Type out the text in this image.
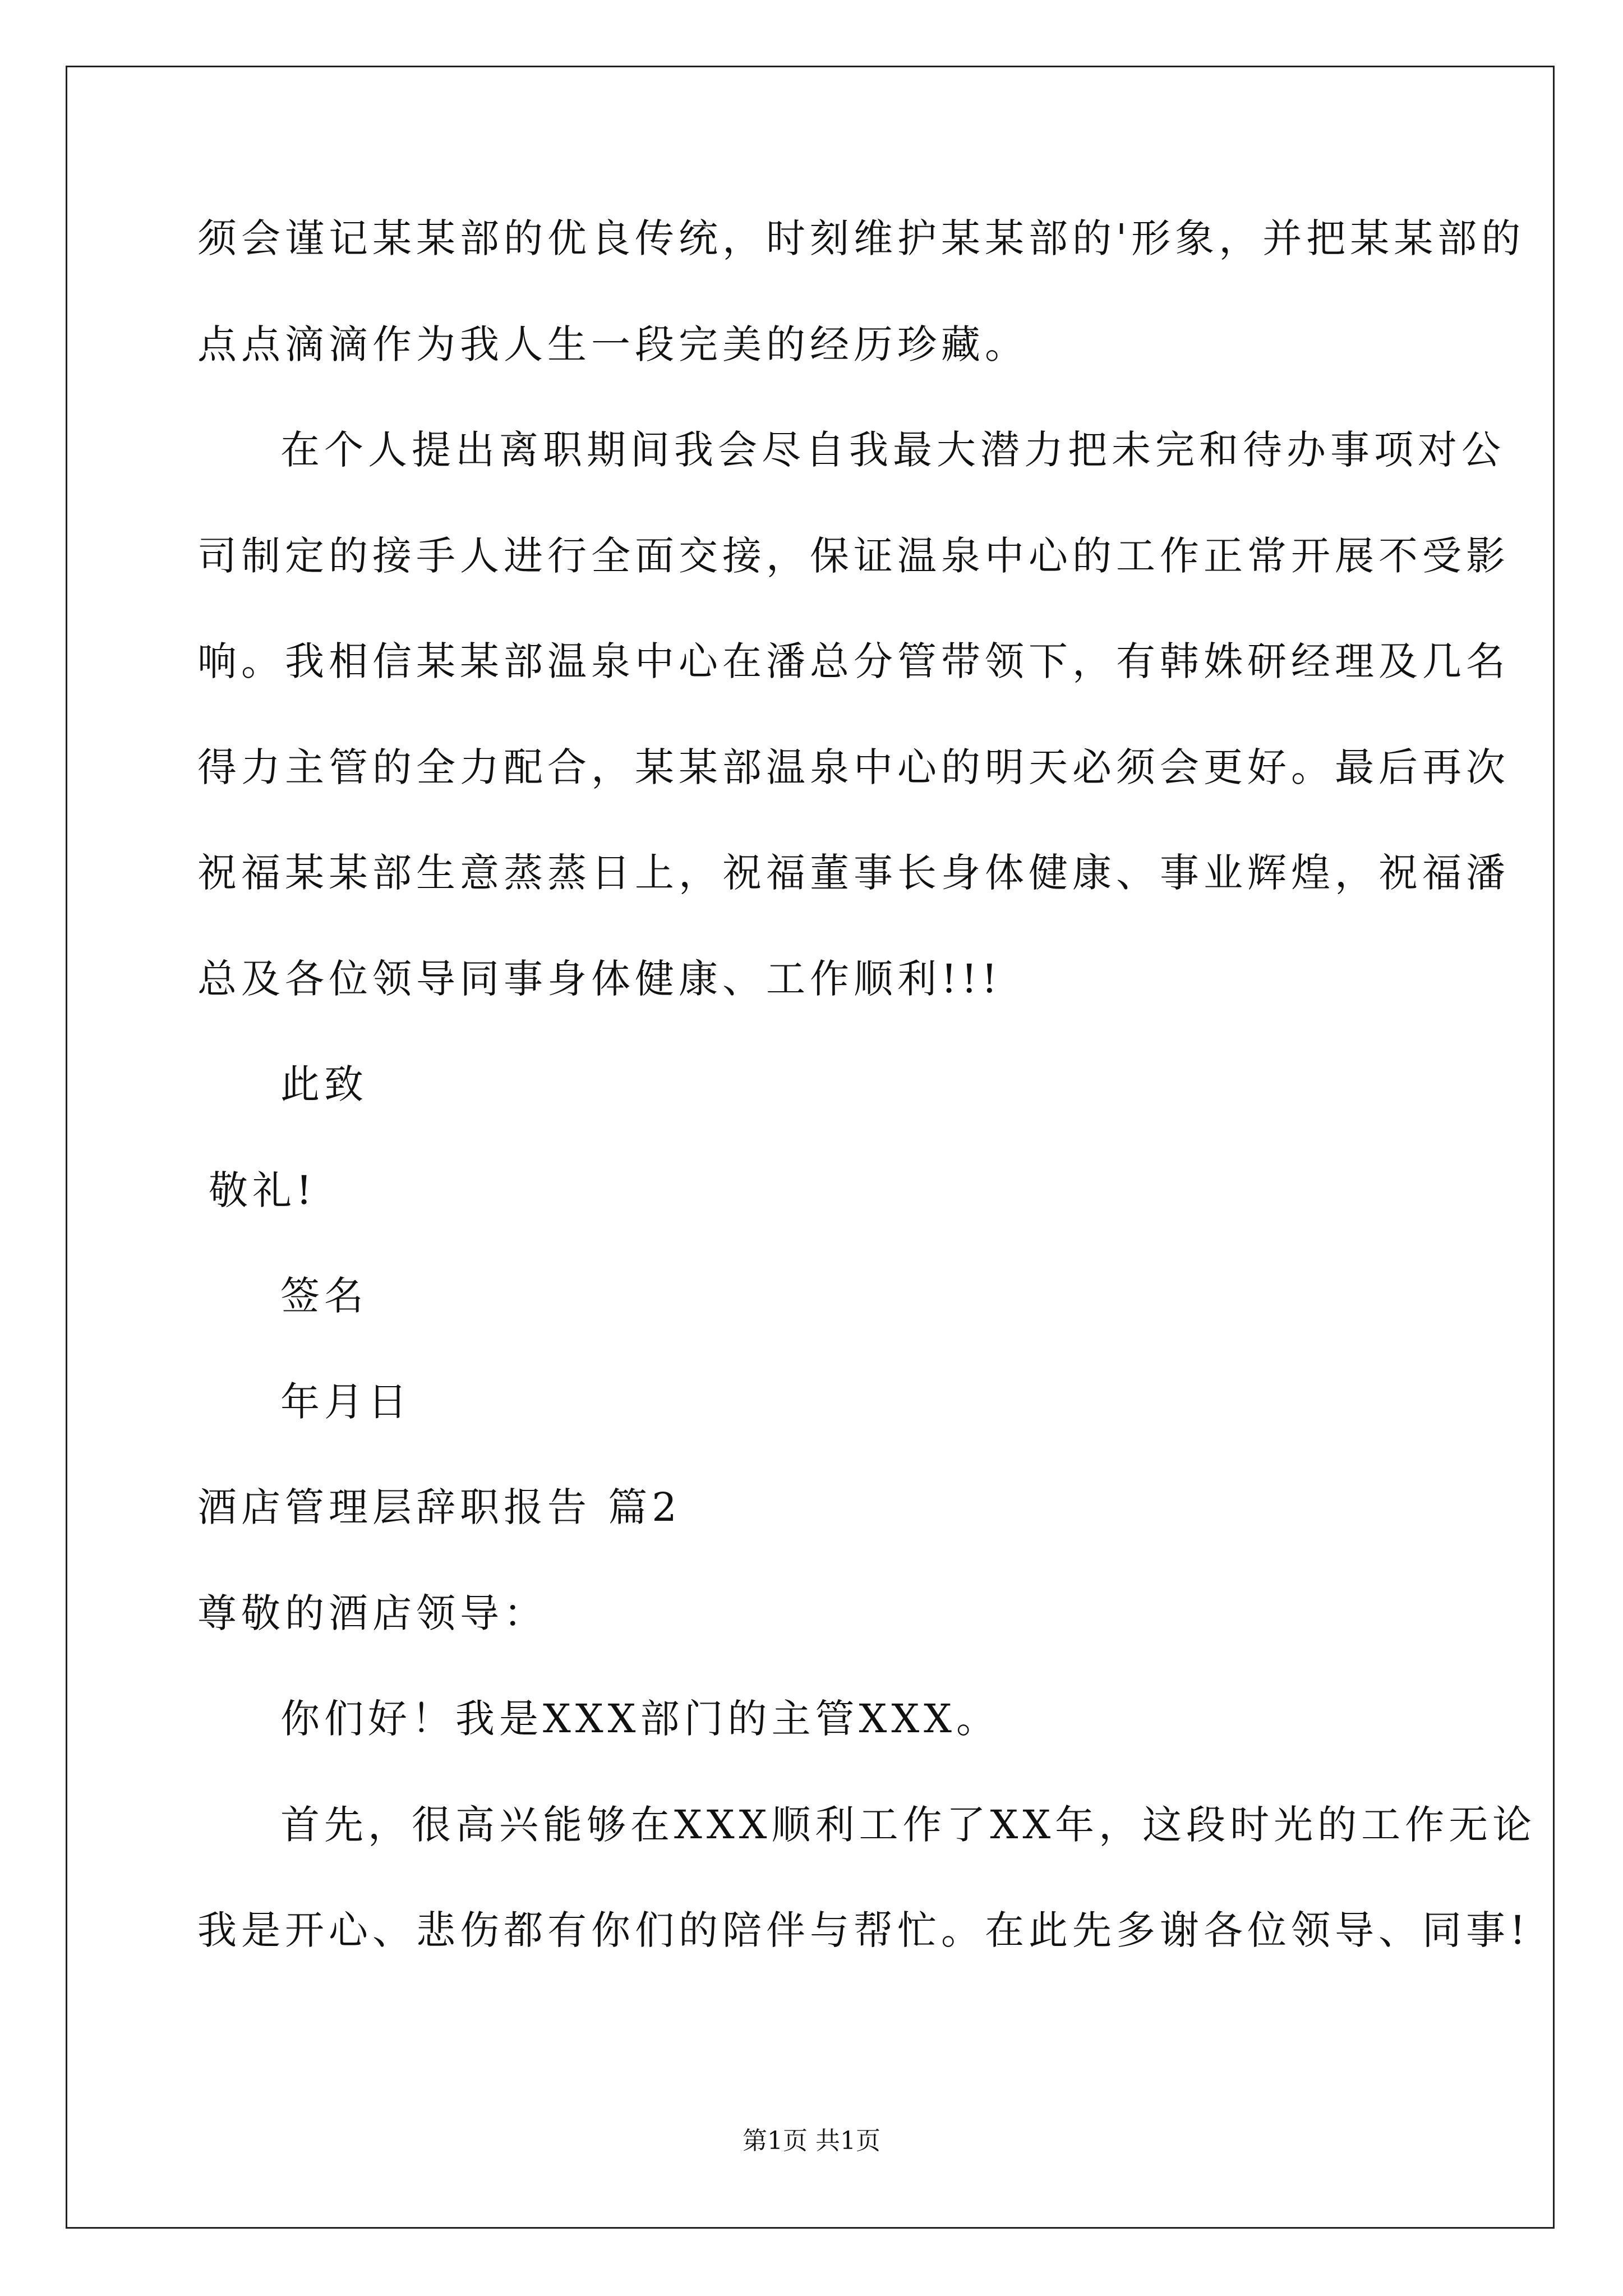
须会谨记某某部的优良传统，时刻维护某某部的'形象，并把某某部的
点点滴滴作为我人生一段完美的经历珍藏。
在个人提出离职期间我会尽自我最大潜力把未完和待办事项对公
司制定的接手人进行全面交接，保证温泉中心的工作正常开展不受影
响。我相信某某部温泉中心在潘总分管带领下，有韩姝研经理及几名
得力主管的全力配合，某某部温泉中心的明天必须会更好。最后再次
祝福某某部生意蒸蒸日上，祝福董事长身体健康、事业辉煌，祝福潘
总及各位领导同事身体健康、工作顺利!!!
此致
敬礼!
签名
年月日
酒店管理层辞职报告 篇2
尊敬的酒店领导：
你们好！我是XXX部门的主管XXX。
首先，很高兴能够在XXX顺利工作了XX年，这段时光的工作无论
我是开心、悲伤都有你们的陪伴与帮忙。在此先多谢各位领导、同事!
第1页 共1页
